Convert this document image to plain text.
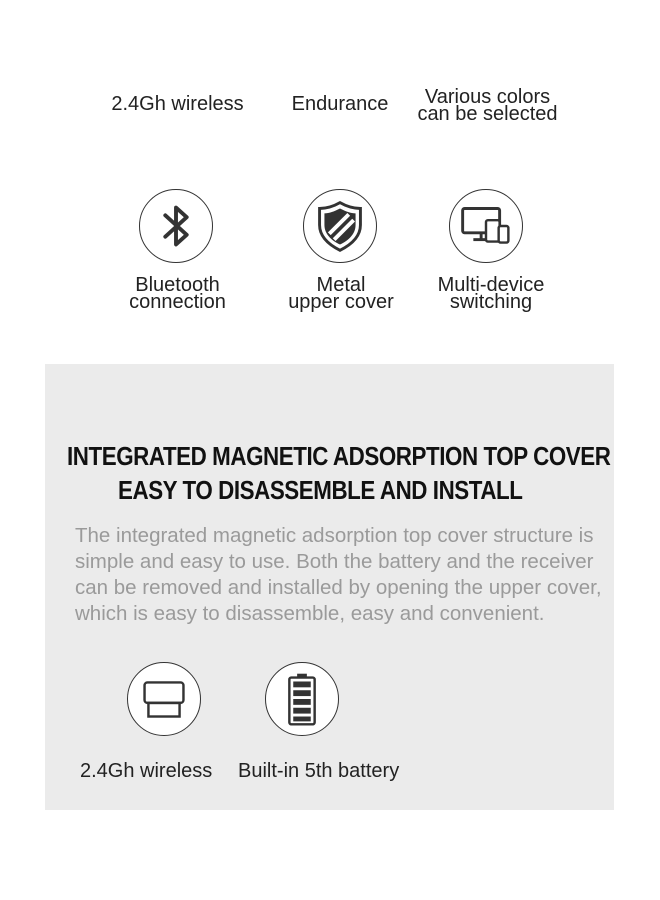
2.4Gh wireless	Endurance	Various colors
can be selected
Bluetooth
connection
Metal
upper cover
Multi-device
switching
INTEGRATED MAGNETIC ADSORPTION TOP COVER
EASY TO DISASSEMBLE AND INSTALL
The integrated magnetic adsorption top cover structure is simple and easy to use. Both the battery and the receiver can be removed and installed by opening the upper cover, which is easy to disassemble, easy and convenient.
2.4Gh wireless Built-in 5th battery
